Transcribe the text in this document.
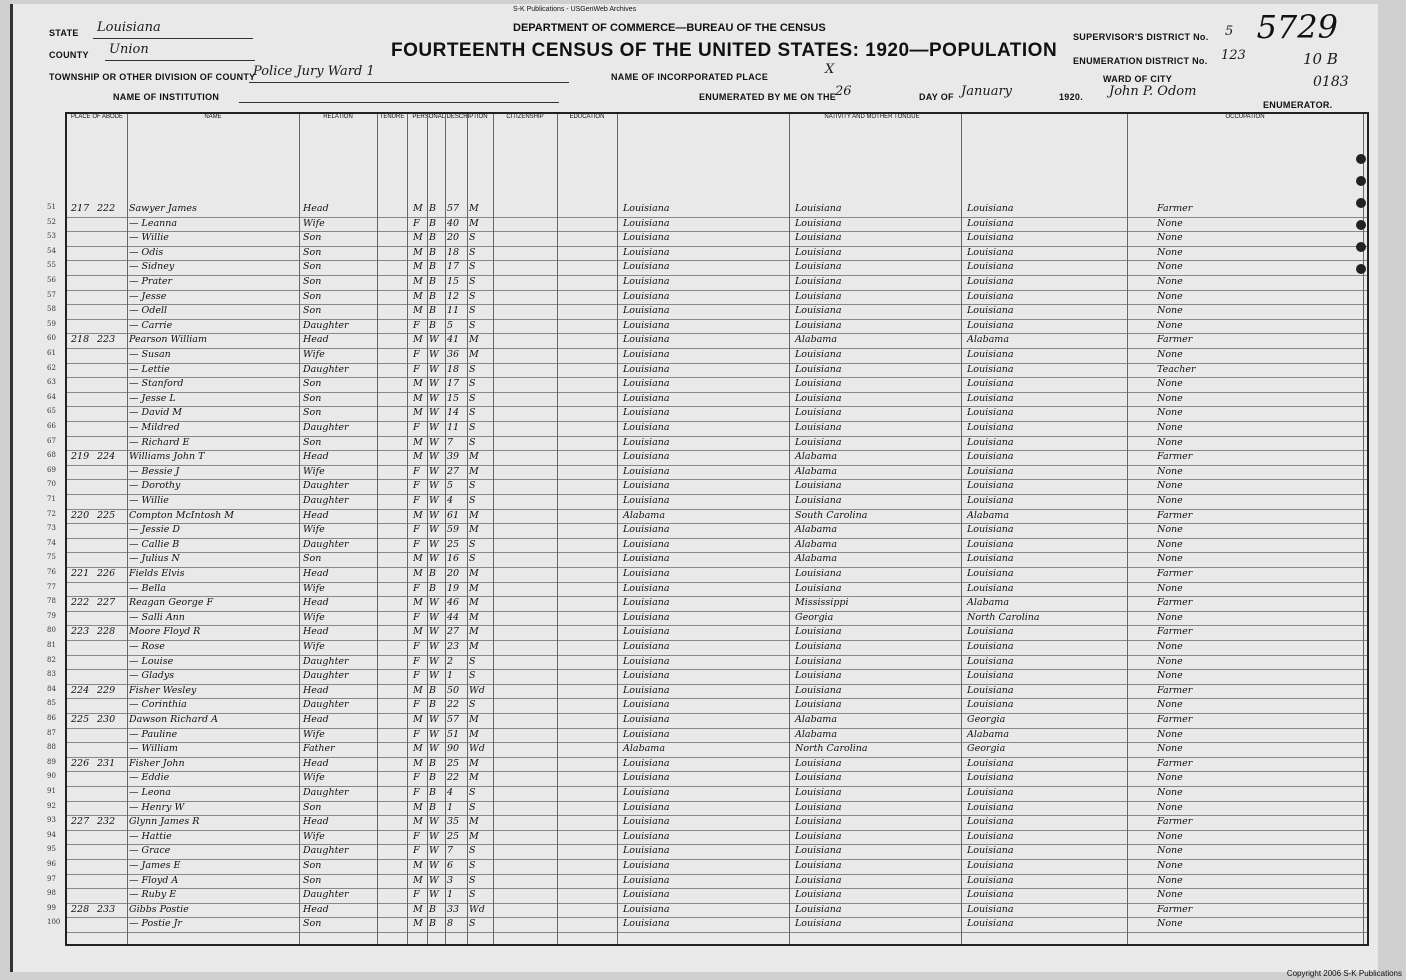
S-K Publications - USGenWeb Archives
DEPARTMENT OF COMMERCE—BUREAU OF THE CENSUS
FOURTEENTH CENSUS OF THE UNITED STATES: 1920—POPULATION
STATE Louisiana
COUNTY Union
TOWNSHIP OR OTHER DIVISION OF COUNTY
Police Jury Ward 1
NAME OF INSTITUTION
NAME OF INCORPORATED PLACE	X
ENUMERATED BY ME ON THE
26	DAY OF January	1920. John P. Odom
ENUMERATOR.
SUPERVISOR'S DISTRICT No. 5
ENUMERATION DISTRICT No. 123
WARD OF CITY
5729
10 B
0183
PLACE OF ABODE	NAME	RELATION	TENURE	PERSONAL DESCRIPTION	CITIZENSHIP	EDUCATION	NATIVITY AND MOTHER TONGUE	OCCUPATION
51 217 222 Sawyer James	Head	M B 57 M	Louisiana	Louisiana	Louisiana	Farmer
52	— Leanna	Wife	F B 40 M	Louisiana	Louisiana	Louisiana	None
53	— Willie	Son	M B 20 S	Louisiana	Louisiana	Louisiana	None
54	— Odis	Son	M B 18 S	Louisiana	Louisiana	Louisiana	None
55	— Sidney	Son	M B 17 S	Louisiana	Louisiana	Louisiana	None
56	— Prater	Son	M B 15 S	Louisiana	Louisiana	Louisiana	None
57	— Jesse	Son	M B 12 S	Louisiana	Louisiana	Louisiana	None
58	— Odell	Son	M B 11 S	Louisiana	Louisiana	Louisiana	None
59	— Carrie	Daughter	F B 5 S	Louisiana	Louisiana	Louisiana	None
60 218 223 Pearson William	Head	M W 41 M	Louisiana	Alabama	Alabama	Farmer
61	— Susan	Wife	F W 36 M	Louisiana	Louisiana	Louisiana	None
62	— Lettie	Daughter	F W 18 S	Louisiana	Louisiana	Louisiana	Teacher
63	— Stanford	Son	M W 17 S	Louisiana	Louisiana	Louisiana	None
64	— Jesse L	Son	M W 15 S	Louisiana	Louisiana	Louisiana	None
65	— David M	Son	M W 14 S	Louisiana	Louisiana	Louisiana	None
66	— Mildred	Daughter	F W 11 S	Louisiana	Louisiana	Louisiana	None
67	— Richard E	Son	M W 7 S	Louisiana	Louisiana	Louisiana	None
68 219 224 Williams John T	Head	M W 39 M	Louisiana	Alabama	Louisiana	Farmer
69	— Bessie J	Wife	F W 27 M	Louisiana	Alabama	Louisiana	None
70	— Dorothy	Daughter	F W 5 S	Louisiana	Louisiana	Louisiana	None
71	— Willie	Daughter	F W 4 S	Louisiana	Louisiana	Louisiana	None
72 220 225 Compton McIntosh M	Head	M W 61 M	Alabama	South Carolina	Alabama	Farmer
73	— Jessie D	Wife	F W 59 M	Louisiana	Alabama	Louisiana	None
74	— Callie B	Daughter	F W 25 S	Louisiana	Alabama	Louisiana	None
75	— Julius N	Son	M W 16 S	Louisiana	Alabama	Louisiana	None
76 221 226 Fields Elvis	Head	M B 20 M	Louisiana	Louisiana	Louisiana	Farmer
77	— Bella	Wife	F B 19 M	Louisiana	Louisiana	Louisiana	None
78 222 227 Reagan George F	Head	M W 46 M	Louisiana	Mississippi	Alabama	Farmer
79	— Salli Ann	Wife	F W 44 M	Louisiana	Georgia	North Carolina	None
80 223 228 Moore Floyd R	Head	M W 27 M	Louisiana	Louisiana	Louisiana	Farmer
81	— Rose	Wife	F W 23 M	Louisiana	Louisiana	Louisiana	None
82	— Louise	Daughter	F W 2 S	Louisiana	Louisiana	Louisiana	None
83	— Gladys	Daughter	F W 1 S	Louisiana	Louisiana	Louisiana	None
84 224 229 Fisher Wesley	Head	M B 50 Wd	Louisiana	Louisiana	Louisiana	Farmer
85	— Corinthia	Daughter	F B 22 S	Louisiana	Louisiana	Louisiana	None
86 225 230 Dawson Richard A	Head	M W 57 M	Louisiana	Alabama	Georgia	Farmer
87	— Pauline	Wife	F W 51 M	Louisiana	Alabama	Alabama	None
88	— William	Father	M W 90 Wd	Alabama	North Carolina	Georgia	None
89 226 231 Fisher John	Head	M B 25 M	Louisiana	Louisiana	Louisiana	Farmer
90	— Eddie	Wife	F B 22 M	Louisiana	Louisiana	Louisiana	None
91	— Leona	Daughter	F B 4 S	Louisiana	Louisiana	Louisiana	None
92	— Henry W	Son	M B 1 S	Louisiana	Louisiana	Louisiana	None
93 227 232 Glynn James R	Head	M W 35 M	Louisiana	Louisiana	Louisiana	Farmer
94	— Hattie	Wife	F W 25 M	Louisiana	Louisiana	Louisiana	None
95	— Grace	Daughter	F W 7 S	Louisiana	Louisiana	Louisiana	None
96	— James E	Son	M W 6 S	Louisiana	Louisiana	Louisiana	None
97	— Floyd A	Son	M W 3 S	Louisiana	Louisiana	Louisiana	None
98	— Ruby E	Daughter	F W 1 S	Louisiana	Louisiana	Louisiana	None
99 228 233 Gibbs Postie	Head	M B 33 Wd	Louisiana	Louisiana	Louisiana	Farmer
100	— Postie Jr	Son	M B 8 S	Louisiana	Louisiana	Louisiana	None
Copyright 2006 S-K Publications
